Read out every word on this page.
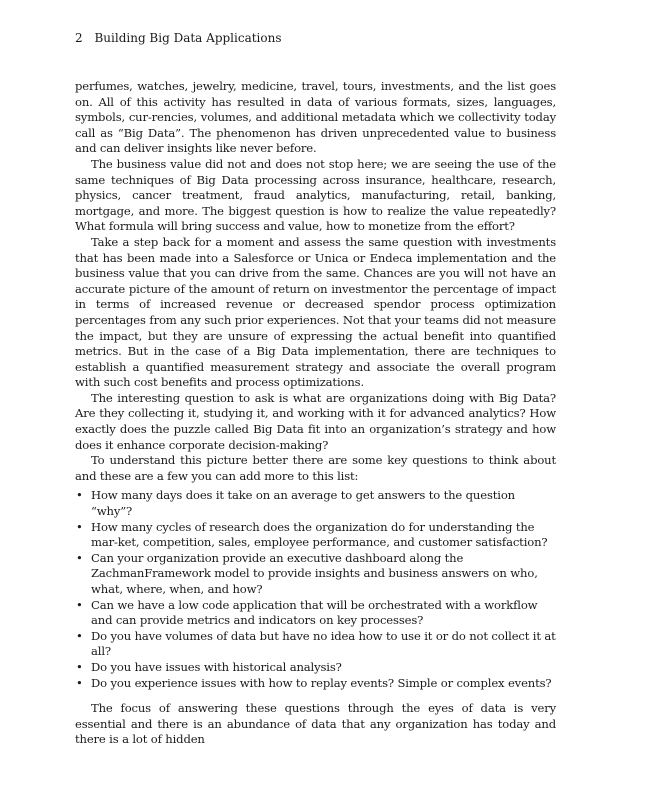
2 Building Big Data Applications

perfumes, watches, jewelry, medicine, travel, tours, investments, and the list goes on. All of this activity has resulted in data of various formats, sizes, languages, symbols, cur-rencies, volumes, and additional metadata which we collectivity today call as “Big Data”. The phenomenon has driven unprecedented value to business and can deliver insights like never before.

The business value did not and does not stop here; we are seeing the use of the same techniques of Big Data processing across insurance, healthcare, research, physics, cancer treatment, fraud analytics, manufacturing, retail, banking, mortgage, and more. The biggest question is how to realize the value repeatedly? What formula will bring success and value, how to monetize from the effort?

Take a step back for a moment and assess the same question with investments that has been made into a Salesforce or Unica or Endeca implementation and the business value that you can drive from the same. Chances are you will not have an accurate picture of the amount of return on investmentor the percentage of impact in terms of increased revenue or decreased spendor process optimization percentages from any such prior experiences. Not that your teams did not measure the impact, but they are unsure of expressing the actual benefit into quantified metrics. But in the case of a Big Data implementation, there are techniques to establish a quantified measurement strategy and associate the overall program with such cost benefits and process optimizations.

The interesting question to ask is what are organizations doing with Big Data? Are they collecting it, studying it, and working with it for advanced analytics? How exactly does the puzzle called Big Data fit into an organization’s strategy and how does it enhance corporate decision-making?

To understand this picture better there are some key questions to think about and these are a few you can add more to this list:

• How many days does it take on an average to get answers to the question “why”?
• How many cycles of research does the organization do for understanding the mar-ket, competition, sales, employee performance, and customer satisfaction?
• Can your organization provide an executive dashboard along the ZachmanFramework model to provide insights and business answers on who, what, where, when, and how?
• Can we have a low code application that will be orchestrated with a workflow and can provide metrics and indicators on key processes?
• Do you have volumes of data but have no idea how to use it or do not collect it at all?
• Do you have issues with historical analysis?
• Do you experience issues with how to replay events? Simple or complex events?

The focus of answering these questions through the eyes of data is very essential and there is an abundance of data that any organization has today and there is a lot of hidden
